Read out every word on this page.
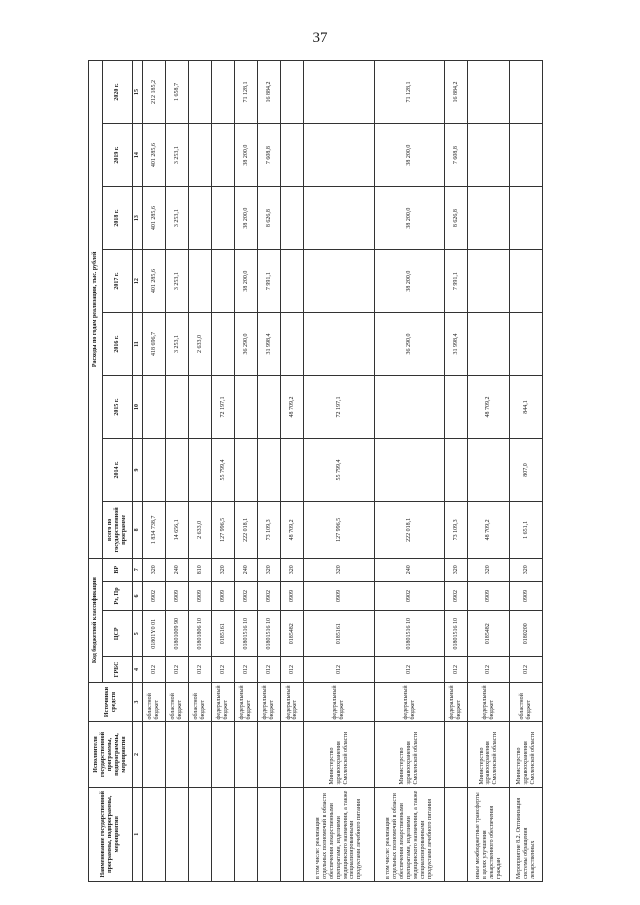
37
Наименование государственной программы, подпрограммы, мероприятия	Исполнители государственной программы, подпрограммы, мероприятия	Источники средств	Код бюджетной классификации				Расходы по годам реализации, тыс. рублей							
			ГРБС	ЦСР	Рз, Пр	ВР	всего по государственной программе	2014 г.	2015 г.	2016 г.	2017 г.	2018 г.	2019 г.	2020 г.
1	2	3	4	5	6	7	8	9	10	11	12	13	14	15
		областной бюджет	012	01801Y0 01	0902	320	1 834 738,7			418 696,7	401 285,6	401 285,6	401 285,6	212 185,2
		областной бюджет	012	01801009 90	0909	240	14 656,1			3 253,1	3 253,1	3 253,1	3 253,1	1 658,7
		областной бюджет	012	01801806 10	0909	810	2 633,0			2 633,0				
		федеральный бюджет	012	0185161	0909	320	127 996,5	55 799,4	72 197,1					
		федеральный бюджет	012	01801516 10	0902	240	222 018,1			36 290,0	38 200,0	38 200,0	38 200,0	71 128,1
		федеральный бюджет	012	01801516 10	0902	320	73 109,3			31 998,4	7 991,1	8 626,8	7 608,8	16 884,2
		федеральный бюджет	012	0185482	0909	320	48 709,2		48 709,2					
в том числе: реализация отдельных полномочий в области обеспечения лекарственными препаратами, изделиями медицинского назначения, а также специализированными продуктами лечебного питания	Министерство здравоохранения Смоленской области	федеральный бюджет	012	0185161	0909	320	127 996,5	55 799,4	72 197,1					
в том числе: реализация отдельных полномочий в области обеспечения лекарственными препаратами, изделиями медицинского назначения, а также специализированными продуктами лечебного питания	Министерство здравоохранения Смоленской области	федеральный бюджет	012	01801516 10	0902	240	222 018,1			36 290,0	38 200,0	38 200,0	38 200,0	71 128,1
		федеральный бюджет	012	01801516 10	0902	320	73 109,3			31 998,4	7 991,1	8 626,8	7 608,8	16 884,2
иные межбюджетные трансферты в целях улучшения лекарственного обеспечения граждан	Министерство здравоохранения Смоленской области	федеральный бюджет	012	0185482	0909	320	48 709,2		48 709,2					
Мероприятие 8.2. Оптимизация системы обращения лекарственных	Министерство здравоохранения Смоленской области	областной бюджет	012	0180200	0909	320	1 651,1	807,0	844,1					
